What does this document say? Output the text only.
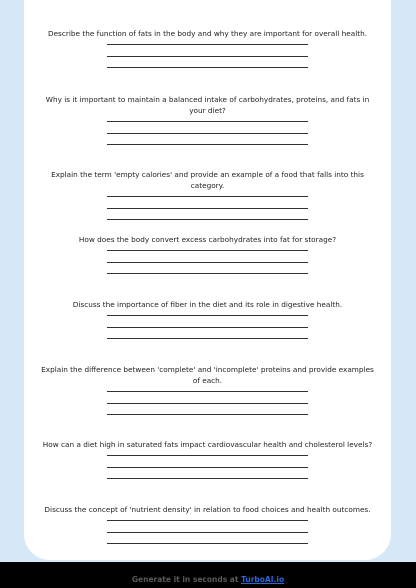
Describe the function of fats in the body and why they are important for overall health.

Why is it important to maintain a balanced intake of carbohydrates, proteins, and fats in your diet?

Explain the term 'empty calories' and provide an example of a food that falls into this category.

How does the body convert excess carbohydrates into fat for storage?

Discuss the importance of fiber in the diet and its role in digestive health.

Explain the difference between 'complete' and 'incomplete' proteins and provide examples of each.

How can a diet high in saturated fats impact cardiovascular health and cholesterol levels?

Discuss the concept of 'nutrient density' in relation to food choices and health outcomes.

Generate it in seconds at TurboAI.io
